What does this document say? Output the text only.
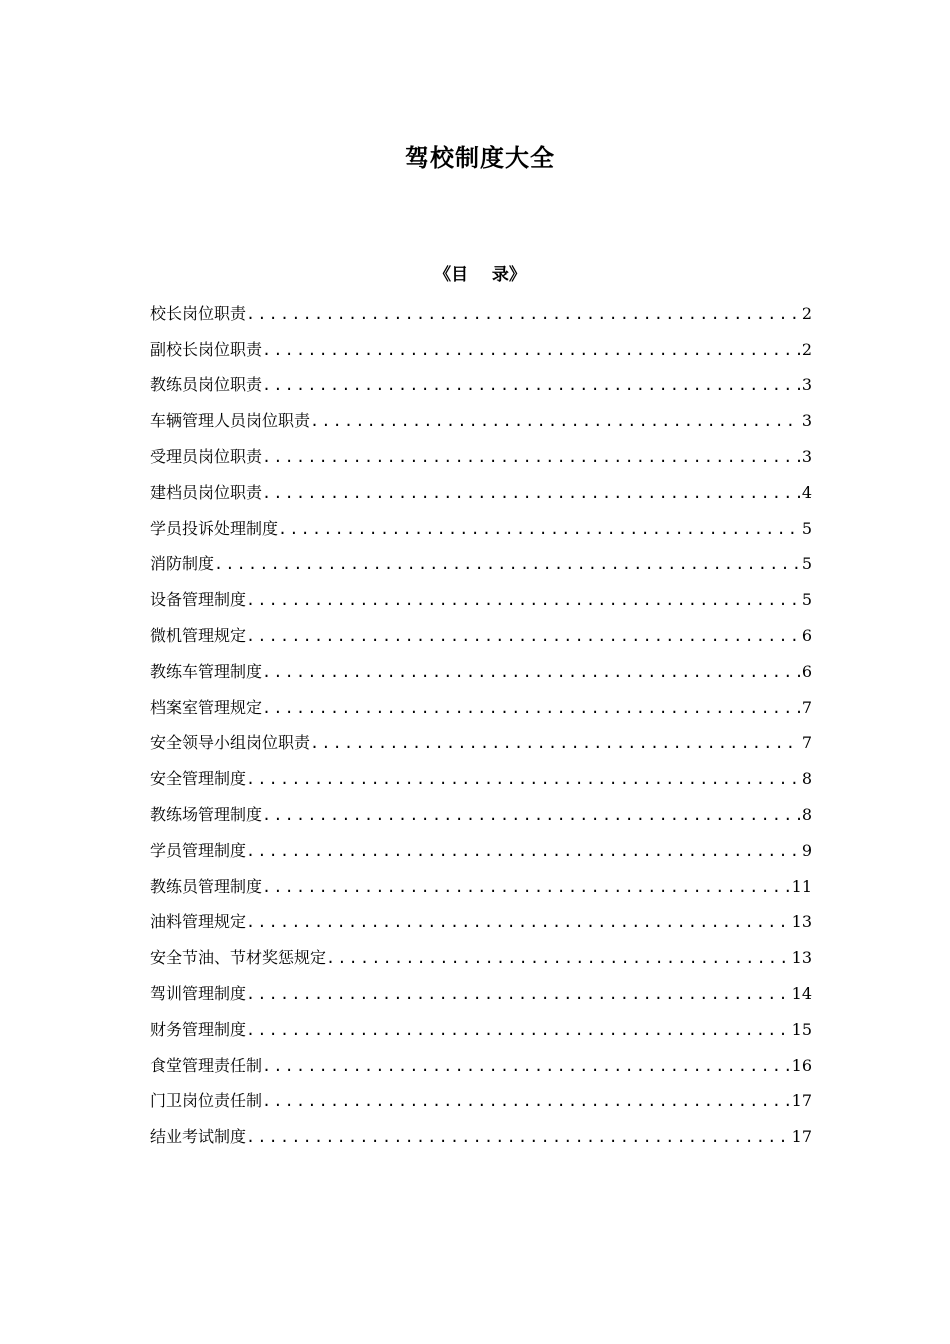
驾校制度大全
《目    录》
校长岗位职责 .....	2
副校长岗位职责 .....	2
教练员岗位职责 .....	3
车辆管理人员岗位职责 .....	3
受理员岗位职责 .....	3
建档员岗位职责 .....	4
学员投诉处理制度 .....	5
消防制度 .....	5
设备管理制度 .....	5
微机管理规定 .....	6
教练车管理制度 .....	6
档案室管理规定 .....	7
安全领导小组岗位职责 .....	7
安全管理制度 .....	8
教练场管理制度 .....	8
学员管理制度 .....	9
教练员管理制度 .....	11
油料管理规定 .....	13
安全节油、节材奖惩规定 .....	13
驾训管理制度 .....	14
财务管理制度 .....	15
食堂管理责任制 .....	16
门卫岗位责任制 .....	17
结业考试制度 .....	17
